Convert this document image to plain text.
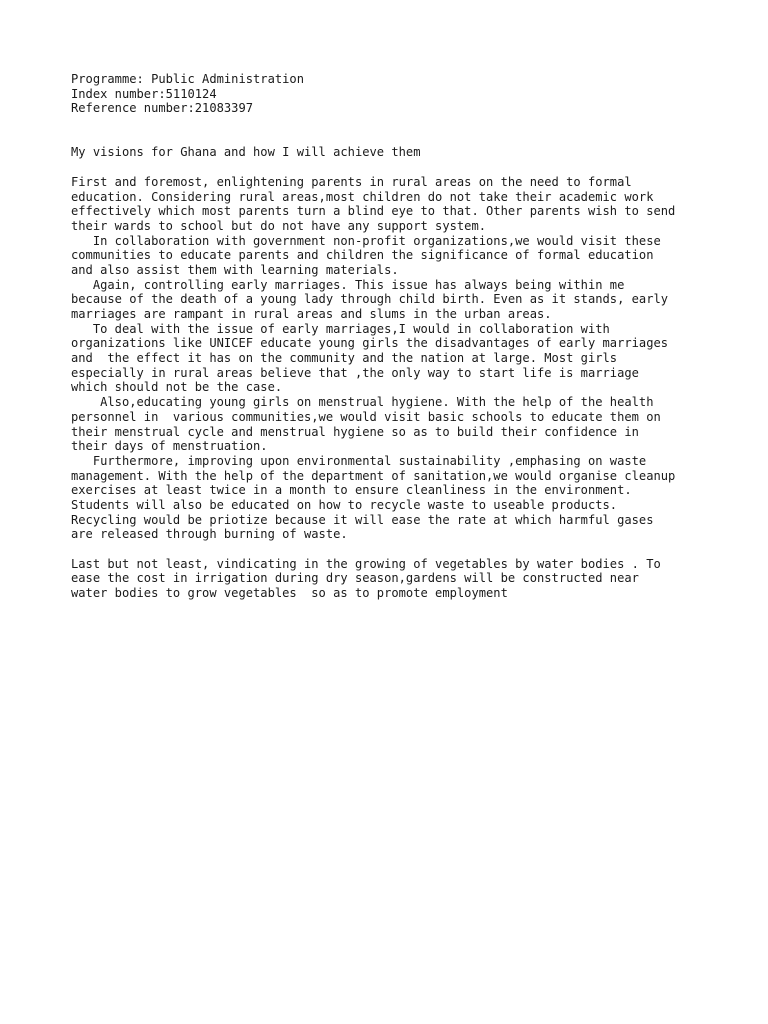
Programme: Public Administration
Index number:5110124
Reference number:21083397
My visions for Ghana and how I will achieve them
First and foremost, enlightening parents in rural areas on the need to formal
education. Considering rural areas,most children do not take their academic work
effectively which most parents turn a blind eye to that. Other parents wish to send
their wards to school but do not have any support system.
In collaboration with government non-profit organizations,we would visit these
communities to educate parents and children the significance of formal education
and also assist them with learning materials.
Again, controlling early marriages. This issue has always being within me
because of the death of a young lady through child birth. Even as it stands, early
marriages are rampant in rural areas and slums in the urban areas.
To deal with the issue of early marriages,I would in collaboration with
organizations like UNICEF educate young girls the disadvantages of early marriages
and  the effect it has on the community and the nation at large. Most girls
especially in rural areas believe that ,the only way to start life is marriage
which should not be the case.
Also,educating young girls on menstrual hygiene. With the help of the health
personnel in  various communities,we would visit basic schools to educate them on
their menstrual cycle and menstrual hygiene so as to build their confidence in
their days of menstruation.
Furthermore, improving upon environmental sustainability ,emphasing on waste
management. With the help of the department of sanitation,we would organise cleanup
exercises at least twice in a month to ensure cleanliness in the environment.
Students will also be educated on how to recycle waste to useable products.
Recycling would be priotize because it will ease the rate at which harmful gases
are released through burning of waste.
Last but not least, vindicating in the growing of vegetables by water bodies . To
ease the cost in irrigation during dry season,gardens will be constructed near
water bodies to grow vegetables  so as to promote employment
